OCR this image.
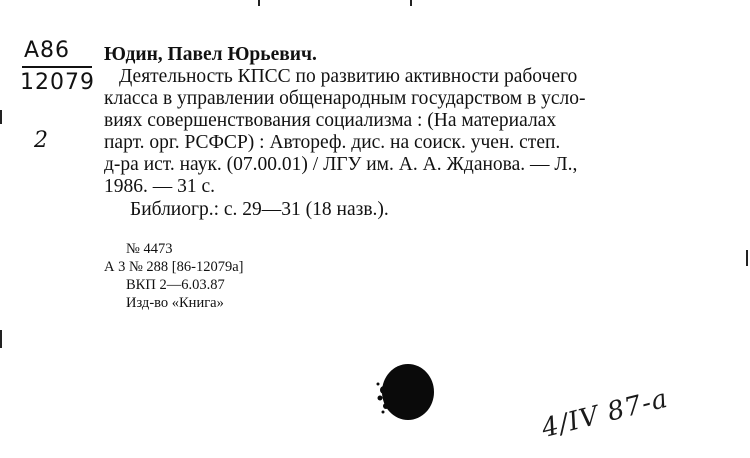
A86
12079
2
Юдин, Павел Юрьевич.
Деятельность КПСС по развитию активности рабочего
класса в управлении общенародным государством в усло-
виях совершенствования социализма : (На материалах
парт. орг. РСФСР) : Автореф. дис. на соиск. учен. степ.
д-ра ист. наук. (07.00.01) / ЛГУ им. А. А. Жданова. — Л.,
1986. — 31 с.
Библиогр.: с. 29—31 (18 назв.).
№ 4473
А 3 № 288 [86-12079а]
ВКП 2—6.03.87
Изд-во «Книга»
4/IV 87-а
